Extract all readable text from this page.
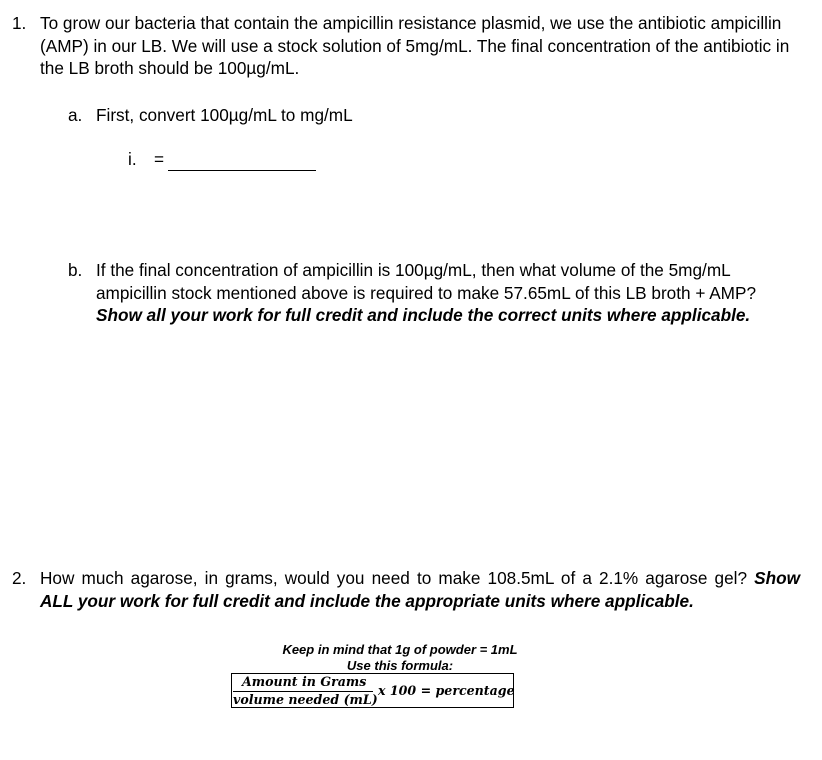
1. To grow our bacteria that contain the ampicillin resistance plasmid, we use the antibiotic ampicillin (AMP) in our LB. We will use a stock solution of 5mg/mL. The final concentration of the antibiotic in the LB broth should be 100µg/mL.
a. First, convert 100µg/mL to mg/mL
i. =
b. If the final concentration of ampicillin is 100µg/mL, then what volume of the 5mg/mL ampicillin stock mentioned above is required to make 57.65mL of this LB broth + AMP?  Show all your work for full credit and include the correct units where applicable.
2. How much agarose, in grams, would you need to make 108.5mL of a 2.1% agarose gel? Show ALL your work for full credit and include the appropriate units where applicable.
Keep in mind that 1g of powder = 1mL
Use this formula:
Amount in Grams
volume needed (mL)
x 100 = percentage
